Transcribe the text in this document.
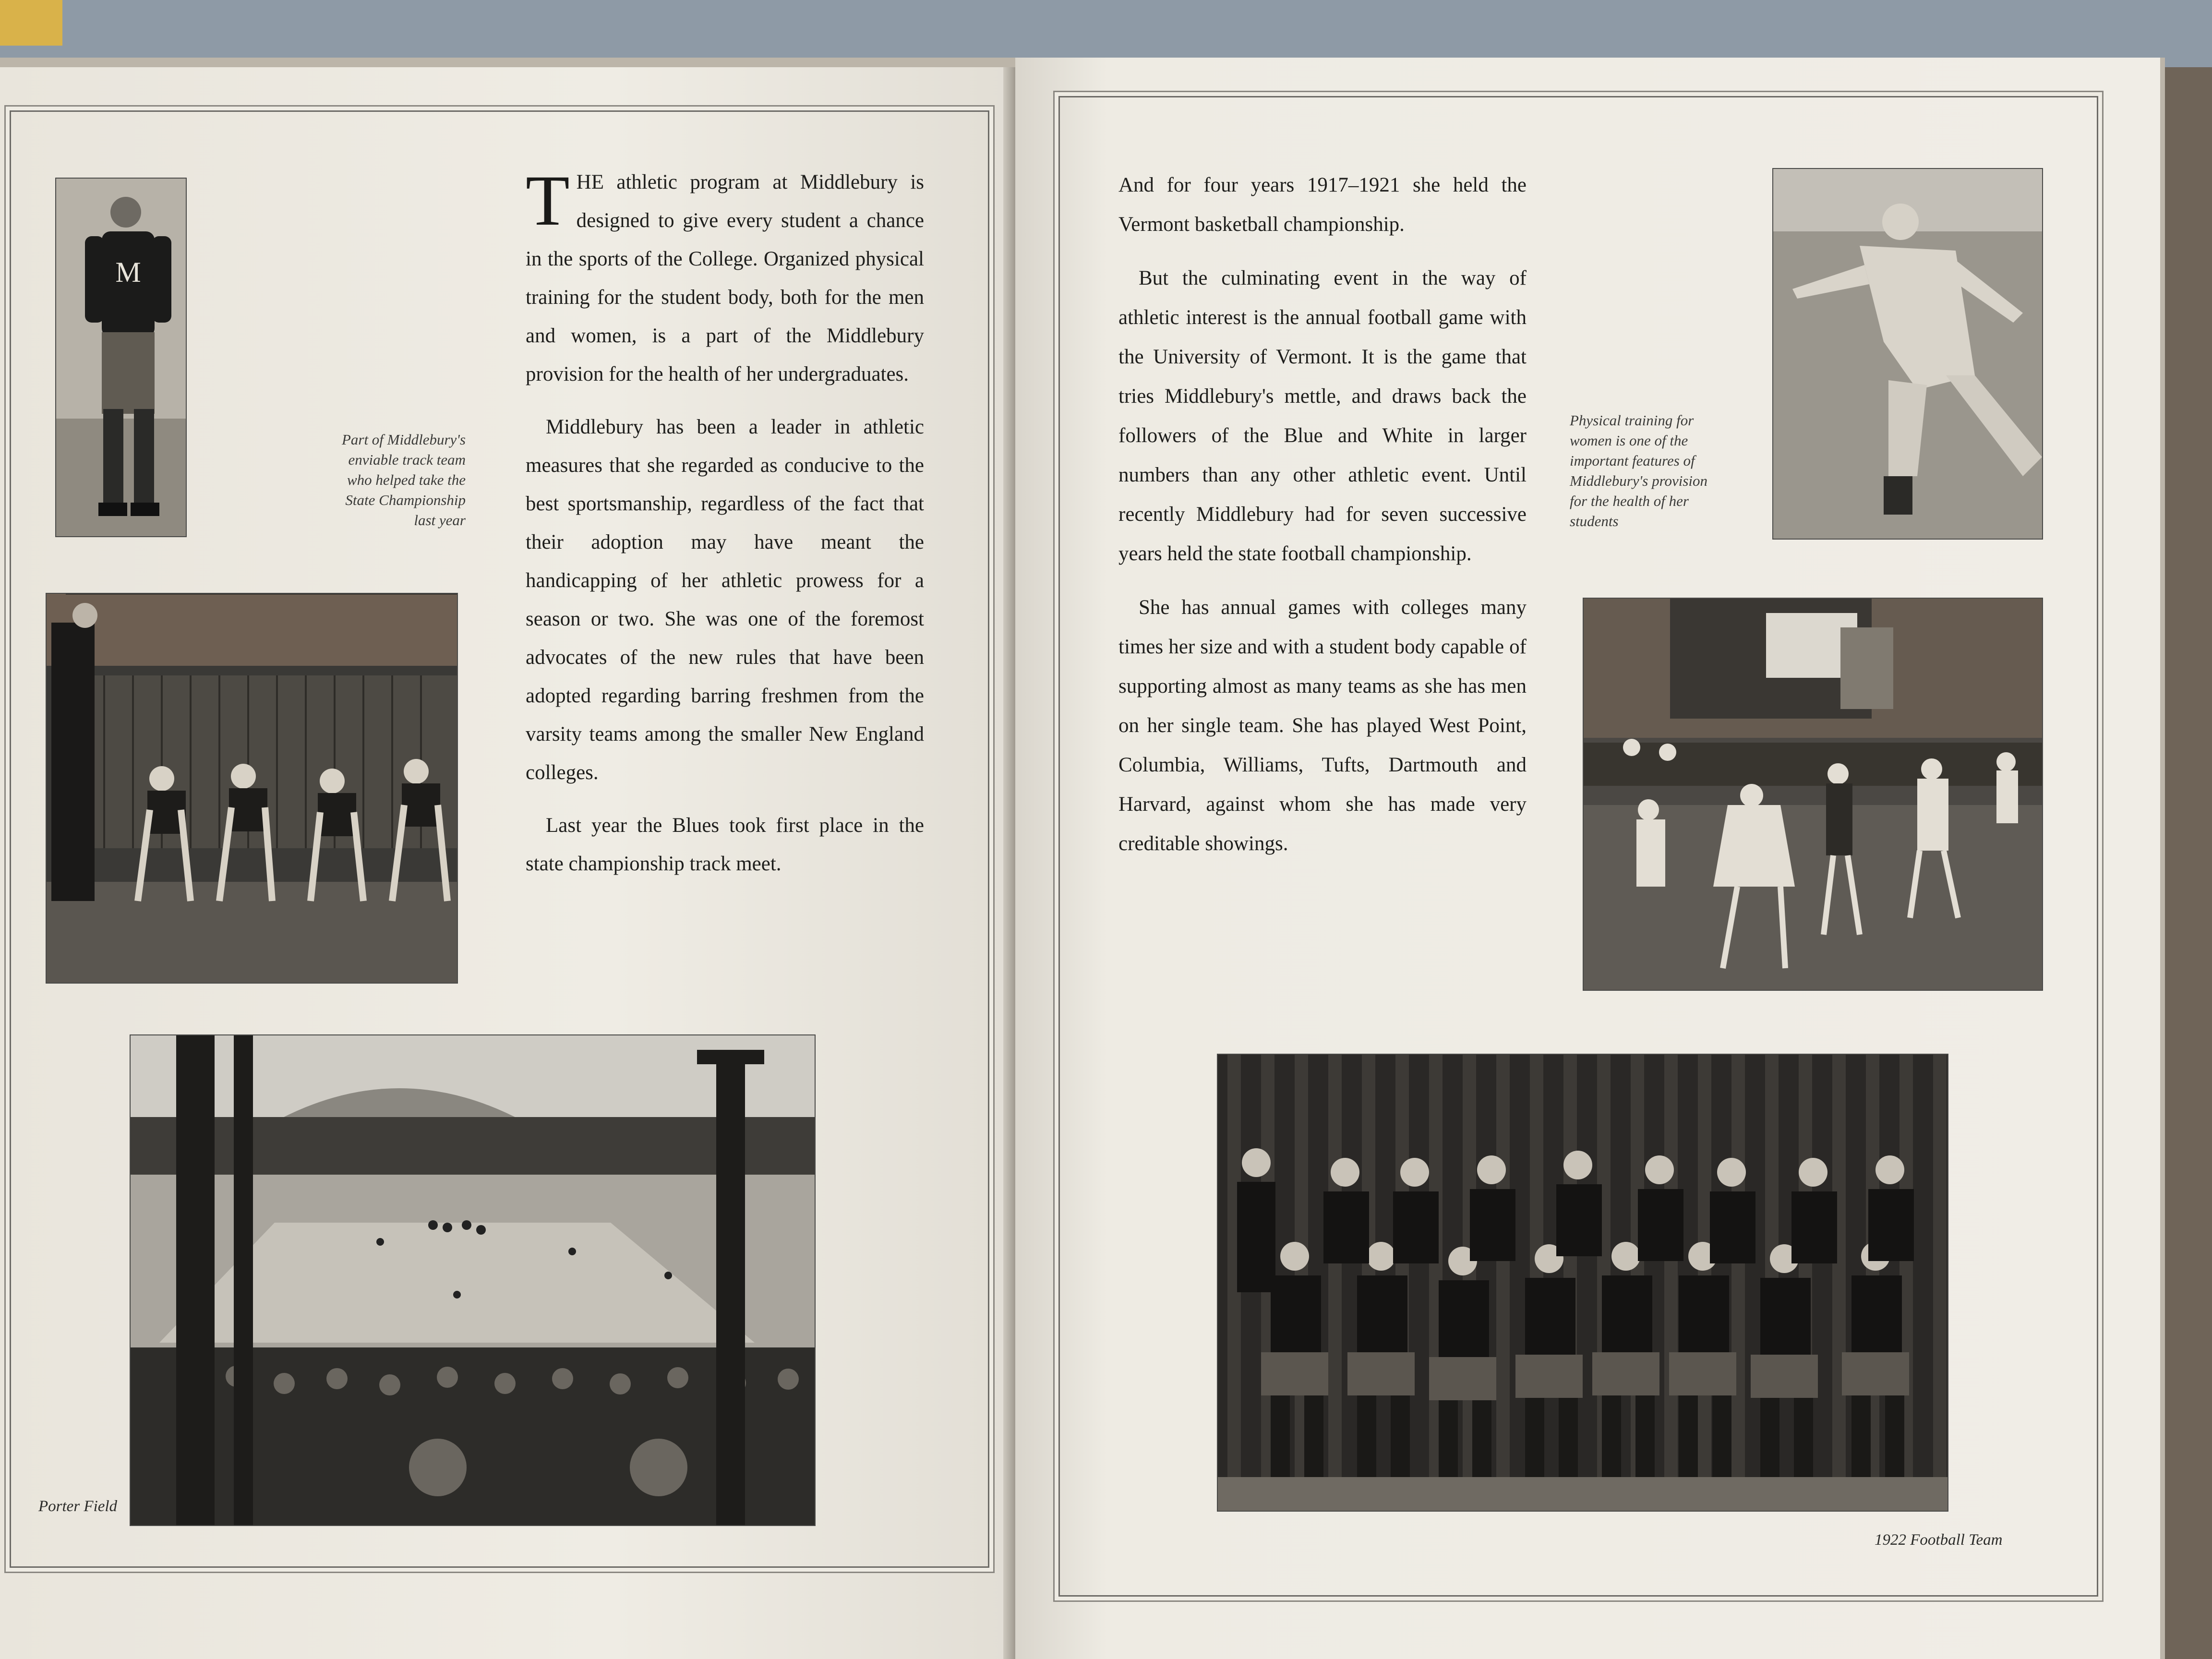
M
Part of Middlebury's enviable track team who helped take the State Championship last year

THE athletic program at Middlebury is designed to give every student a chance in the sports of the College. Organized physical training for the student body, both for the men and women, is a part of the Middlebury provision for the health of her undergraduates.

Middlebury has been a leader in athletic measures that she regarded as conducive to the best sportsmanship, regardless of the fact that their adoption may have meant the handicapping of her athletic prowess for a season or two. She was one of the foremost advocates of the new rules that have been adopted regarding barring freshmen from the varsity teams among the smaller New England colleges.

Last year the Blues took first place in the state championship track meet.

Porter Field

And for four years 1917–1921 she held the Vermont basketball championship.

But the culminating event in the way of athletic interest is the annual football game with the University of Vermont. It is the game that tries Middlebury's mettle, and draws back the followers of the Blue and White in larger numbers than any other athletic event. Until recently Middlebury had for seven successive years held the state football championship.

She has annual games with colleges many times her size and with a student body capable of supporting almost as many teams as she has men on her single team. She has played West Point, Columbia, Williams, Tufts, Dartmouth and Harvard, against whom she has made very creditable showings.

Physical training for women is one of the important features of Middlebury's provision for the health of her students
1922 Football Team
